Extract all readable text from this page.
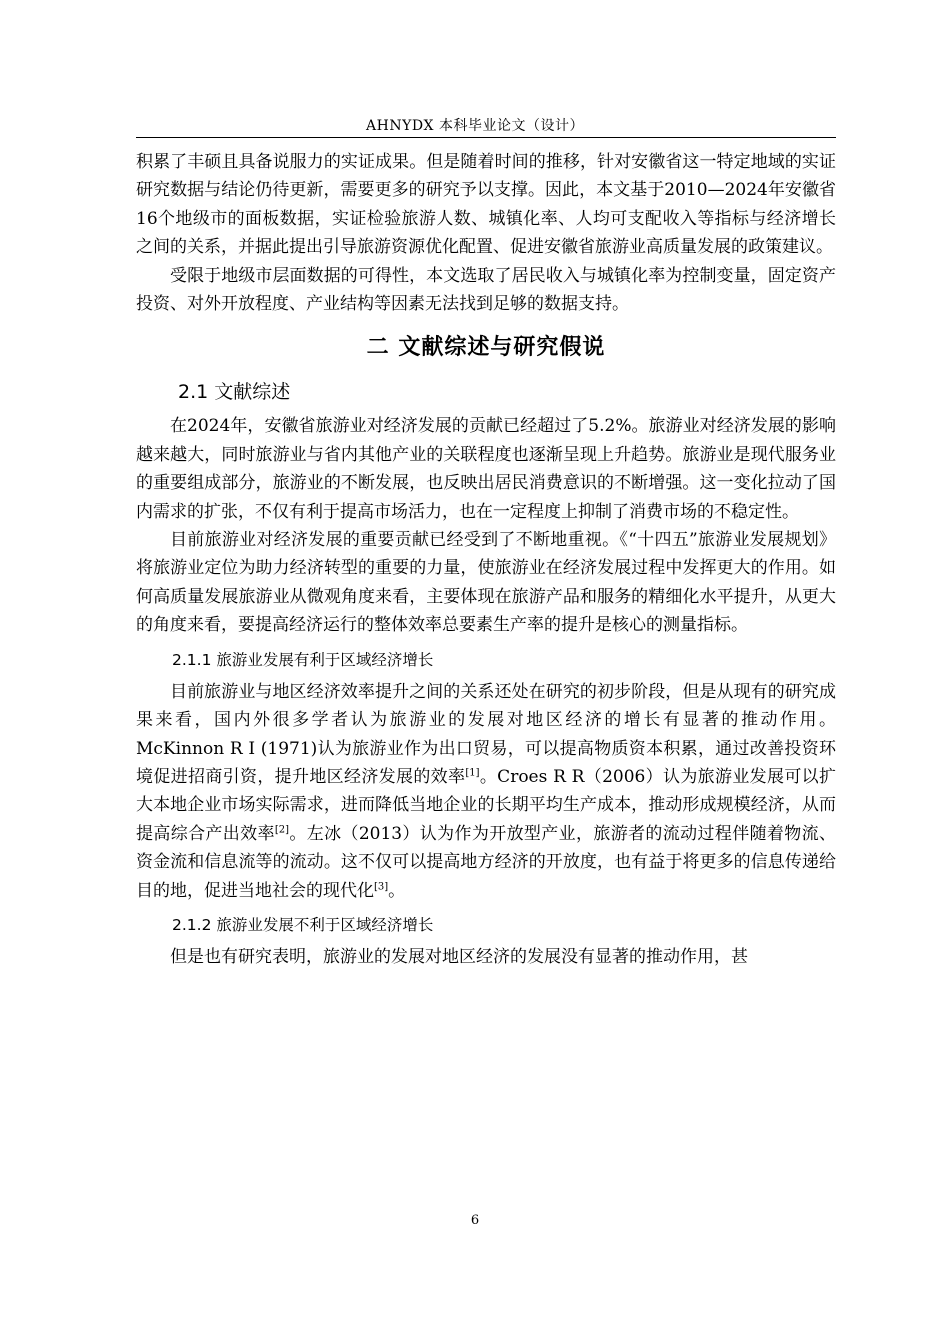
AHNYDX 本科毕业论文（设计）

积累了丰硕且具备说服力的实证成果。但是随着时间的推移，针对安徽省这一特定地域的实证研究数据与结论仍待更新，需要更多的研究予以支撑。因此，本文基于2010—2024年安徽省16个地级市的面板数据，实证检验旅游人数、城镇化率、人均可支配收入等指标与经济增长之间的关系，并据此提出引导旅游资源优化配置、促进安徽省旅游业高质量发展的政策建议。

受限于地级市层面数据的可得性，本文选取了居民收入与城镇化率为控制变量，固定资产投资、对外开放程度、产业结构等因素无法找到足够的数据支持。

二 文献综述与研究假说
2.1 文献综述

在2024年，安徽省旅游业对经济发展的贡献已经超过了5.2%。旅游业对经济发展的影响越来越大，同时旅游业与省内其他产业的关联程度也逐渐呈现上升趋势。旅游业是现代服务业的重要组成部分，旅游业的不断发展，也反映出居民消费意识的不断增强。这一变化拉动了国内需求的扩张，不仅有利于提高市场活力，也在一定程度上抑制了消费市场的不稳定性。

目前旅游业对经济发展的重要贡献已经受到了不断地重视。《“十四五”旅游业发展规划》将旅游业定位为助力经济转型的重要的力量，使旅游业在经济发展过程中发挥更大的作用。如何高质量发展旅游业从微观角度来看，主要体现在旅游产品和服务的精细化水平提升，从更大的角度来看，要提高经济运行的整体效率总要素生产率的提升是核心的测量指标。

2.1.1 旅游业发展有利于区域经济增长

目前旅游业与地区经济效率提升之间的关系还处在研究的初步阶段，但是从现有的研究成果来看，国内外很多学者认为旅游业的发展对地区经济的增长有显著的推动作用。McKinnon R I (1971)认为旅游业作为出口贸易，可以提高物质资本积累，通过改善投资环境促进招商引资，提升地区经济发展的效率[1]。Croes R R（2006）认为旅游业发展可以扩大本地企业市场实际需求，进而降低当地企业的长期平均生产成本，推动形成规模经济，从而提高综合产出效率[2]。左冰（2013）认为作为开放型产业，旅游者的流动过程伴随着物流、资金流和信息流等的流动。这不仅可以提高地方经济的开放度，也有益于将更多的信息传递给目的地，促进当地社会的现代化[3]。

2.1.2 旅游业发展不利于区域经济增长

但是也有研究表明，旅游业的发展对地区经济的发展没有显著的推动作用，甚

6
